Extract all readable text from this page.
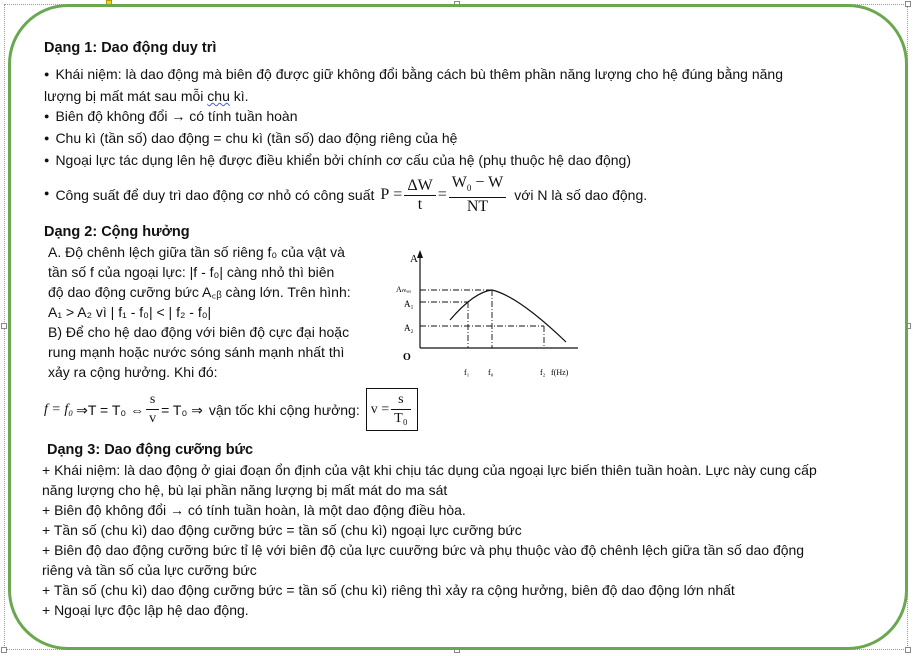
Dạng 1: Dao động duy trì
● Khái niệm: là dao động mà biên độ được giữ không đổi bằng cách bù thêm phần năng lượng cho hệ đúng bằng năng
lượng bị mất mát sau mỗi chu kì.
● Biên độ không đổi → có tính tuần hoàn
● Chu kì (tần số) dao động = chu kì (tần số) dao động riêng của hệ
● Ngoại lực tác dụng lên hệ được điều khiển bởi chính cơ cấu của hệ (phụ thuộc hệ dao động)
● Công suất để duy trì dao động cơ nhỏ có công suất P
= $\frac{\Delta W}{t} = \frac{W_0 - W}{NT}$ với N là số dao động.
Dạng 2: Cộng hưởng
A. Độ chênh lệch giữa tần số riêng f₀ của vật và
tần số f của ngoại lực: |f - f₀| càng nhỏ thì biên
độ dao động cưỡng bức A꜀ᵦ càng lớn. Trên hình:
A₁ > A₂ vì | f₁ - f₀| < | f₂ - f₀|
B) Để cho hệ dao động với biên độ cực đại hoặc
rung mạnh hoặc nước sóng sánh mạnh nhất thì
xảy ra cộng hưởng. Khi đó:
f = f₀ ⇒T = T₀ ⇔ $\frac{s}{v} = T_0$ ⇒ vận tốc khi cộng hưởng: $v = \frac{s}{\text{T₀}}$
A
Aₘₐₓ
A₁
A₂
O
f₁ f₀	f₂ f(Hz)
Dạng 3: Dao động cưỡng bức
+ Khái niệm: là dao động ở giai đoạn ổn định của vật khi chịu tác dụng của ngoại lực biến thiên tuần hoàn. Lực này cung cấp
năng lượng cho hệ, bù lại phần năng lượng bị mất mát do ma sát
+ Biên độ không đổi → có tính tuần hoàn, là một dao động điều hòa.
+ Tần số (chu kì) dao động cưỡng bức = tần số (chu kì) ngoại lực cưỡng bức
+ Biên độ dao động cưỡng bức tỉ lệ với biên độ của lực cuưỡng bức và phụ thuộc vào độ chênh lệch giữa tần số dao động
riêng và tần số của lực cưỡng bức
+ Tần số (chu kì) dao động cưỡng bức = tần số (chu kì) riêng thì xảy ra cộng hưởng, biên độ dao động lớn nhất
+ Ngoại lực độc lập hệ dao động.
